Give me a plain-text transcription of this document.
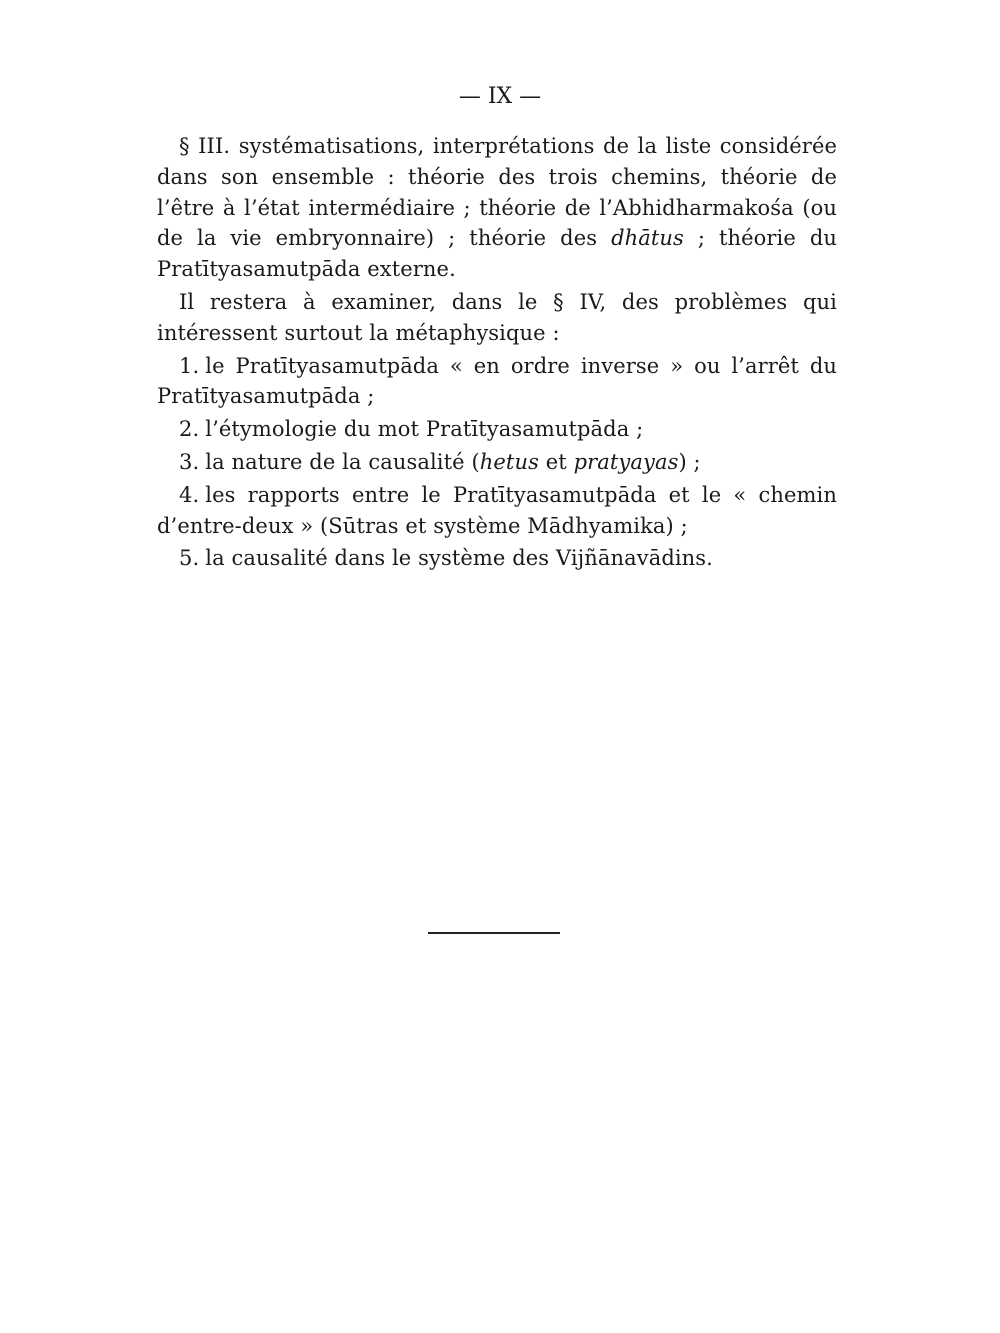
— IX —

§ III. systématisations, interprétations de la liste considérée dans son ensemble : théorie des trois chemins, théorie de l’être à l’état intermédiaire ; théorie de l’Abhidharmakośa (ou de la vie embryonnaire) ; théorie des dhātus ; théorie du Pratītyasamutpāda externe.

Il restera à examiner, dans le § IV, des problèmes qui intéressent surtout la métaphysique :

1. le Pratītyasamutpāda « en ordre inverse » ou l’arrêt du Pratītyasamutpāda ;
2. l’étymologie du mot Pratītyasamutpāda ;
3. la nature de la causalité (hetus et pratyayas) ;
4. les rapports entre le Pratītyasamutpāda et le « chemin d’entre-deux » (Sūtras et système Mādhyamika) ;
5. la causalité dans le système des Vijñānavādins.
